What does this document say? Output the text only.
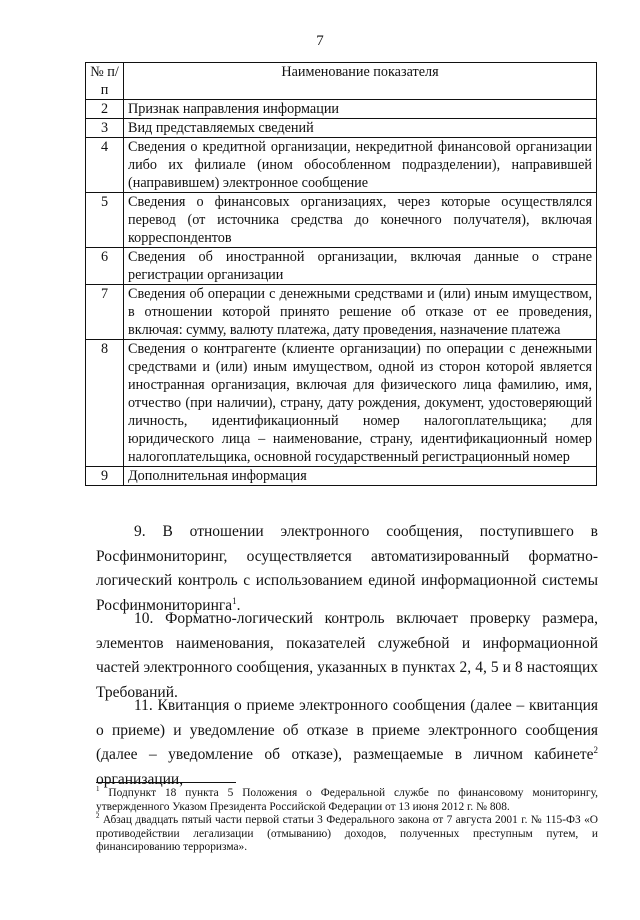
7
№ п/п	Наименование показателя
2	Признак направления информации
3	Вид представляемых сведений
4	Сведения о кредитной организации, некредитной финансовой организации либо их филиале (ином обособленном подразделении), направившей (направившем) электронное сообщение
5	Сведения о финансовых организациях, через которые осуществлялся перевод (от источника средства до конечного получателя), включая корреспондентов
6	Сведения об иностранной организации, включая данные о стране регистрации организации
7	Сведения об операции с денежными средствами и (или) иным имуществом, в отношении которой принято решение об отказе от ее проведения, включая: сумму, валюту платежа, дату проведения, назначение платежа
8	Сведения о контрагенте (клиенте организации) по операции с денежными средствами и (или) иным имуществом, одной из сторон которой является иностранная организация, включая для физического лица фамилию, имя, отчество (при наличии), страну, дату рождения, документ, удостоверяющий личность, идентификационный номер налогоплательщика; для юридического лица – наименование, страну, идентификационный номер налогоплательщика, основной государственный регистрационный номер
9	Дополнительная информация

9. В отношении электронного сообщения, поступившего в Росфинмониторинг, осуществляется автоматизированный форматно-логический контроль с использованием единой информационной системы Росфинмониторинга$^1$.

10. Форматно-логический контроль включает проверку размера, элементов наименования, показателей служебной и информационной частей электронного сообщения, указанных в пунктах 2, 4, 5 и 8 настоящих Требований.

11. Квитанция о приеме электронного сообщения (далее – квитанция о приеме) и уведомление об отказе в приеме электронного сообщения (далее – уведомление об отказе), размещаемые в личном кабинете$^2$ организации,

$^1$ Подпункт 18 пункта 5 Положения о Федеральной службе по финансовому мониторингу, утвержденного Указом Президента Российской Федерации от 13 июня 2012 г. № 808.

$^2$ Абзац двадцать пятый части первой статьи 3 Федерального закона от 7 августа 2001 г. № 115-ФЗ «О противодействии легализации (отмыванию) доходов, полученных преступным путем, и финансированию терроризма».
